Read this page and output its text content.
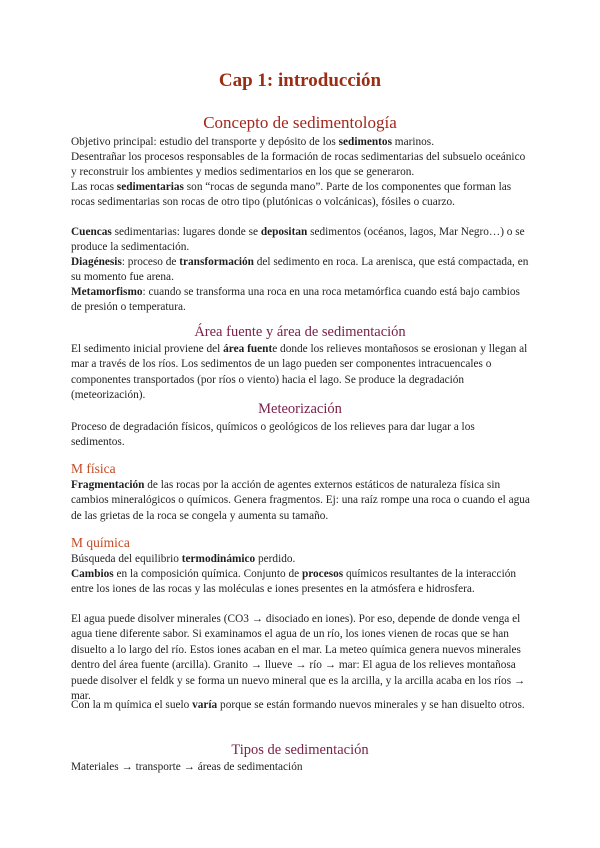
Cap 1: introducción
Concepto de sedimentología

Objetivo principal: estudio del transporte y depósito de los sedimentos marinos.

Desentrañar los procesos responsables de la formación de rocas sedimentarias del subsuelo oceánico y reconstruir los ambientes y medios sedimentarios en los que se generaron.

Las rocas sedimentarias son “rocas de segunda mano”. Parte de los componentes que forman las rocas sedimentarias son rocas de otro tipo (plutónicas o volcánicas), fósiles o cuarzo.

Cuencas sedimentarias: lugares donde se depositan sedimentos (océanos, lagos, Mar Negro…) o se produce la sedimentación.

Diagénesis: proceso de transformación del sedimento en roca. La arenisca, que está compactada, en su momento fue arena.

Metamorfismo: cuando se transforma una roca en una roca metamórfica cuando está bajo cambios de presión o temperatura.

Área fuente y área de sedimentación

El sedimento inicial proviene del área fuente donde los relieves montañosos se erosionan y llegan al mar a través de los ríos. Los sedimentos de un lago pueden ser componentes intracuencales o componentes transportados (por ríos o viento) hacia el lago. Se produce la degradación (meteorización).

Meteorización

Proceso de degradación físicos, químicos o geológicos de los relieves para dar lugar a los sedimentos.

M física

Fragmentación de las rocas por la acción de agentes externos estáticos de naturaleza física sin cambios mineralógicos o químicos. Genera fragmentos. Ej: una raíz rompe una roca o cuando el agua de las grietas de la roca se congela y aumenta su tamaño.

M química

Búsqueda del equilibrio termodinámico perdido.

Cambios en la composición química. Conjunto de procesos químicos resultantes de la interacción entre los iones de las rocas y las moléculas e iones presentes en la atmósfera e hidrosfera.

El agua puede disolver minerales (CO3 → disociado en iones). Por eso, depende de donde venga el agua tiene diferente sabor. Si examinamos el agua de un río, los iones vienen de rocas que se han disuelto a lo largo del río. Estos iones acaban en el mar. La meteo química genera nuevos minerales dentro del área fuente (arcilla). Granito → llueve → río → mar: El agua de los relieves montañosa puede disolver el feldk y se forma un nuevo mineral que es la arcilla, y la arcilla acaba en los ríos → mar.

Con la m química el suelo varía porque se están formando nuevos minerales y se han disuelto otros.

Tipos de sedimentación

Materiales → transporte → áreas de sedimentación
